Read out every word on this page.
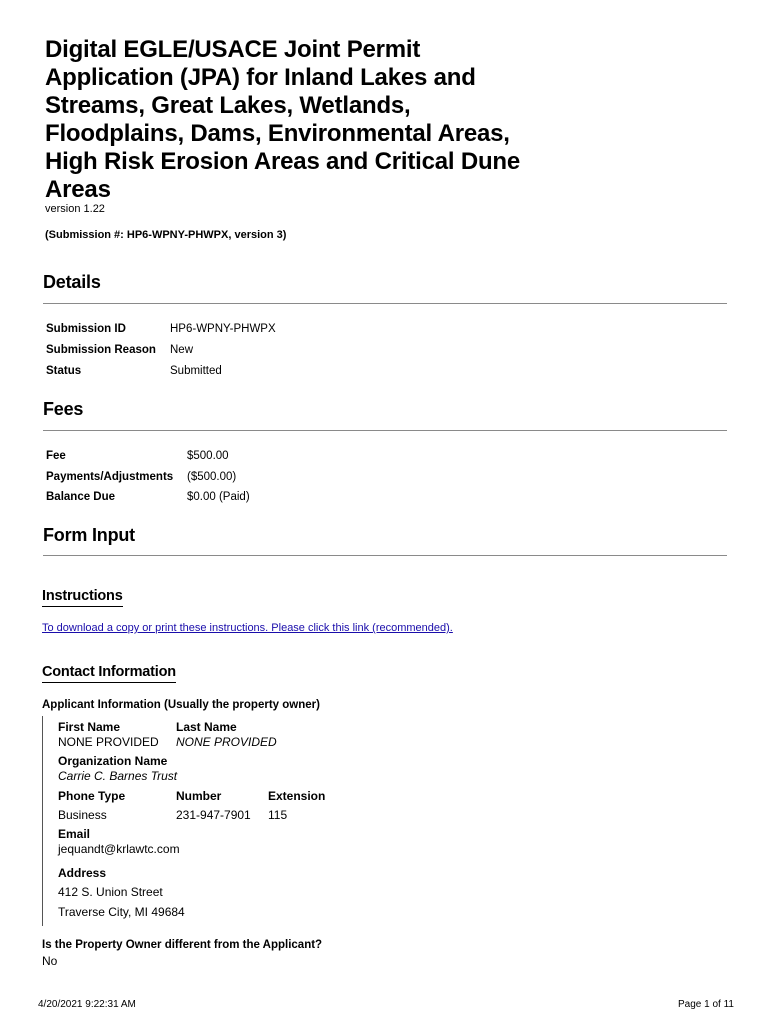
Digital EGLE/USACE Joint Permit
Application (JPA) for Inland Lakes and
Streams, Great Lakes, Wetlands,
Floodplains, Dams, Environmental Areas,
High Risk Erosion Areas and Critical Dune
Areas
version 1.22
(Submission #: HP6-WPNY-PHWPX, version 3)
Details
Submission ID	HP6-WPNY-PHWPX
Submission Reason New
Status	Submitted
Fees
Fee	$500.00
Payments/Adjustments ($500.00)
Balance Due	$0.00 (Paid)
Form Input
Instructions
To download a copy or print these instructions. Please click this link (recommended).
Contact Information
Applicant Information (Usually the property owner)
First Name
NONE PROVIDED
Last Name
NONE PROVIDED
Organization Name
Carrie C. Barnes Trust
Phone Type	Number	Extension
Business	231-947-7901 115
Email
jequandt@krlawtc.com
Address
412 S. Union Street
Traverse City, MI 49684
Is the Property Owner different from the Applicant?
No
4/20/2021 9:22:31 AM	Page 1 of 11
